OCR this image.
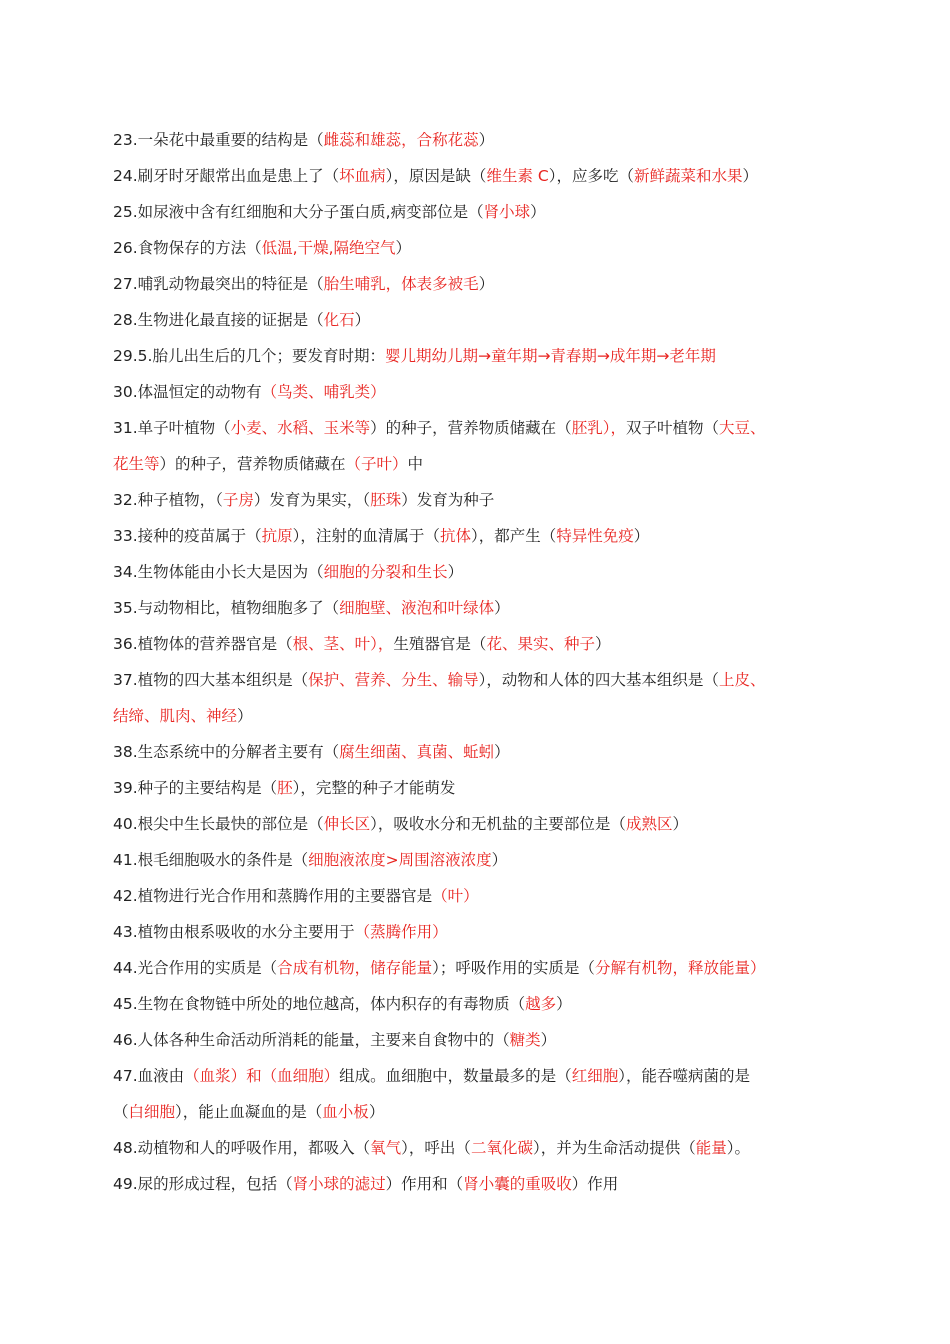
23.一朵花中最重要的结构是（雌蕊和雄蕊，合称花蕊）
24.刷牙时牙龈常出血是患上了（坏血病），原因是缺（维生素 C），应多吃（新鲜蔬菜和水果）
25.如尿液中含有红细胞和大分子蛋白质,病变部位是（肾小球）
26.食物保存的方法（低温,干燥,隔绝空气）
27.哺乳动物最突出的特征是（胎生哺乳，体表多被毛）
28.生物进化最直接的证据是（化石）
29.5.胎儿出生后的几个；要发育时期：婴儿期幼儿期→童年期→青春期→成年期→老年期
30.体温恒定的动物有（鸟类、哺乳类）
31.单子叶植物（小麦、水稻、玉米等）的种子，营养物质储藏在（胚乳），双子叶植物（大豆、
花生等）的种子，营养物质储藏在（子叶）中
32.种子植物，（子房）发育为果实，（胚珠）发育为种子
33.接种的疫苗属于（抗原），注射的血清属于（抗体），都产生（特异性免疫）
34.生物体能由小长大是因为（细胞的分裂和生长）
35.与动物相比，植物细胞多了（细胞壁、液泡和叶绿体）
36.植物体的营养器官是（根、茎、叶），生殖器官是（花、果实、种子）
37.植物的四大基本组织是（保护、营养、分生、输导），动物和人体的四大基本组织是（上皮、
结缔、肌肉、神经）
38.生态系统中的分解者主要有（腐生细菌、真菌、蚯蚓）
39.种子的主要结构是（胚），完整的种子才能萌发
40.根尖中生长最快的部位是（伸长区），吸收水分和无机盐的主要部位是（成熟区）
41.根毛细胞吸水的条件是（细胞液浓度>周围溶液浓度）
42.植物进行光合作用和蒸腾作用的主要器官是（叶）
43.植物由根系吸收的水分主要用于（蒸腾作用）
44.光合作用的实质是（合成有机物，储存能量）；呼吸作用的实质是（分解有机物，释放能量）
45.生物在食物链中所处的地位越高，体内积存的有毒物质（越多）
46.人体各种生命活动所消耗的能量，主要来自食物中的（糖类）
47.血液由（血浆）和（血细胞）组成。血细胞中，数量最多的是（红细胞），能吞噬病菌的是
（白细胞），能止血凝血的是（血小板）
48.动植物和人的呼吸作用，都吸入（氧气），呼出（二氧化碳），并为生命活动提供（能量）。
49.尿的形成过程，包括（肾小球的滤过）作用和（肾小囊的重吸收）作用
